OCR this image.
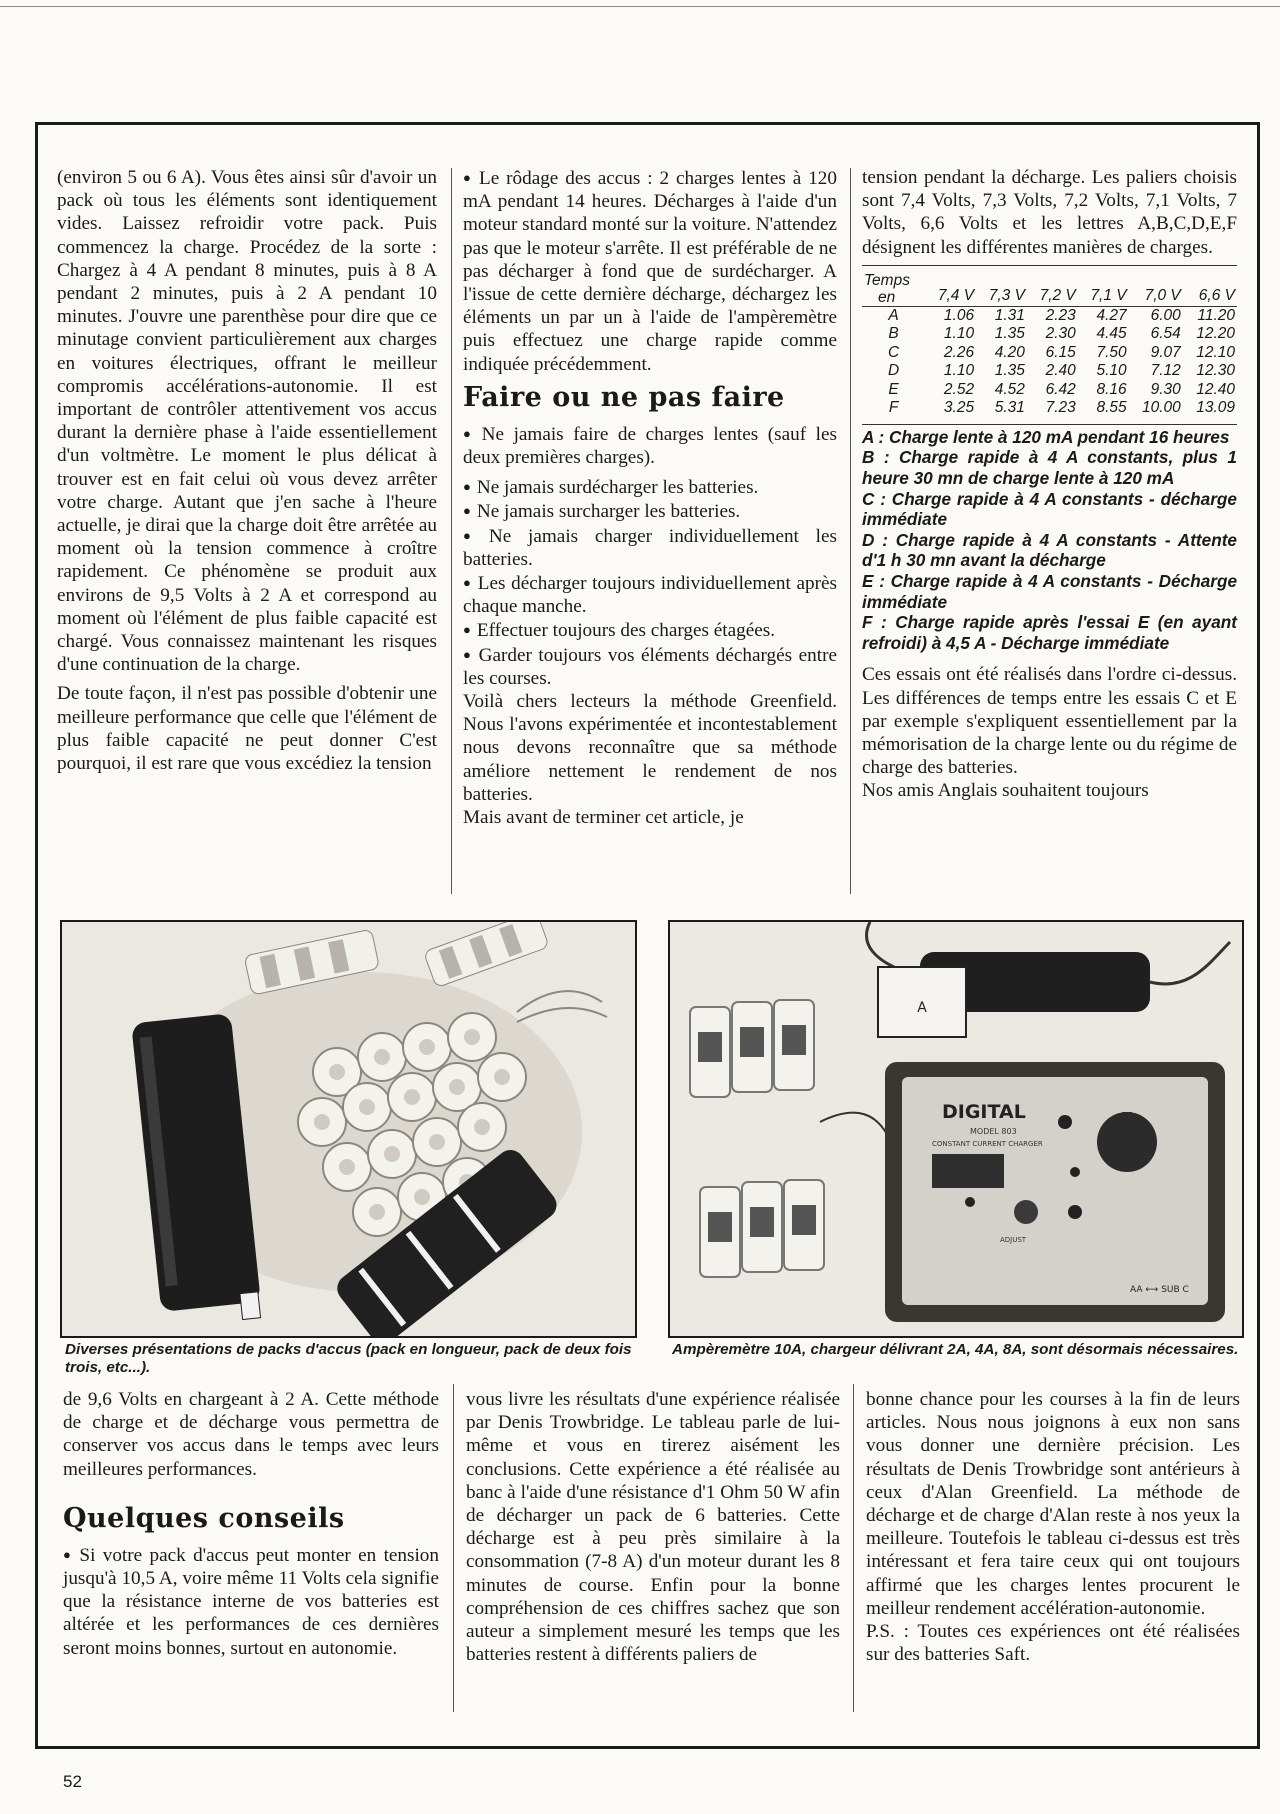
(environ 5 ou 6 A). Vous êtes ainsi sûr d'avoir un pack où tous les éléments sont identiquement vides. Laissez refroidir votre pack. Puis commencez la charge. Procédez de la sorte : Chargez à 4 A pendant 8 minutes, puis à 8 A pendant 2 minutes, puis à 2 A pendant 10 minutes. J'ouvre une parenthèse pour dire que ce minutage convient particulièrement aux charges en voitures électriques, offrant le meilleur compromis accélérations-autonomie. Il est important de contrôler attentivement vos accus durant la dernière phase à l'aide essentiellement d'un voltmètre. Le moment le plus délicat à trouver est en fait celui où vous devez arrêter votre charge. Autant que j'en sache à l'heure actuelle, je dirai que la charge doit être arrêtée au moment où la tension commence à croître rapidement. Ce phénomène se produit aux environs de 9,5 Volts à 2 A et correspond au moment où l'élément de plus faible capacité est chargé. Vous connaissez maintenant les risques d'une continuation de la charge.

De toute façon, il n'est pas possible d'obtenir une meilleure performance que celle que l'élément de plus faible capacité ne peut donner C'est pourquoi, il est rare que vous excédiez la tension

● Le rôdage des accus : 2 charges lentes à 120 mA pendant 14 heures. Décharges à l'aide d'un moteur standard monté sur la voiture. N'attendez pas que le moteur s'arrête. Il est préférable de ne pas décharger à fond que de surdécharger. A l'issue de cette dernière décharge, déchargez les éléments un par un à l'aide de l'ampèremètre puis effectuez une charge rapide comme indiquée précédemment.

Faire ou ne pas faire

● Ne jamais faire de charges lentes (sauf les deux premières charges).

● Ne jamais surdécharger les batteries.

● Ne jamais surcharger les batteries.

● Ne jamais charger individuellement les batteries.

● Les décharger toujours individuellement après chaque manche.

● Effectuer toujours des charges étagées.

● Garder toujours vos éléments déchargés entre les courses.

Voilà chers lecteurs la méthode Greenfield. Nous l'avons expérimentée et incontestablement nous devons reconnaître que sa méthode améliore nettement le rendement de nos batteries.

Mais avant de terminer cet article, je

tension pendant la décharge. Les paliers choisis sont 7,4 Volts, 7,3 Volts, 7,2 Volts, 7,1 Volts, 7 Volts, 6,6 Volts et les lettres A,B,C,D,E,F désignent les différentes manières de charges.

Temps
en	7,4 V	7,3 V	7,2 V	7,1 V	7,0 V	6,6 V
A	1.06	1.31	2.23	4.27	6.00	11.20
B	1.10	1.35	2.30	4.45	6.54	12.20
C	2.26	4.20	6.15	7.50	9.07	12.10
D	1.10	1.35	2.40	5.10	7.12	12.30
E	2.52	4.52	6.42	8.16	9.30	12.40
F	3.25	5.31	7.23	8.55	10.00	13.09

A : Charge lente à 120 mA pendant 16 heures

B : Charge rapide à 4 A constants, plus 1 heure 30 mn de charge lente à 120 mA

C : Charge rapide à 4 A constants - décharge immédiate

D : Charge rapide à 4 A constants - Attente d'1 h 30 mn avant la décharge

E : Charge rapide à 4 A constants - Décharge immédiate

F : Charge rapide après l'essai E (en ayant refroidi) à 4,5 A - Décharge immédiate

Ces essais ont été réalisés dans l'ordre ci-dessus. Les différences de temps entre les essais C et E par exemple s'expliquent essentiellement par la mémorisation de la charge lente ou du régime de charge des batteries.

Nos amis Anglais souhaitent toujours

A
DIGITAL
MODEL 803
CONSTANT CURRENT CHARGER
ADJUST
AA ⟷ SUB C
Diverses présentations de packs d'accus (pack en longueur, pack de deux fois trois, etc...).
Ampèremètre 10A, chargeur délivrant 2A, 4A, 8A, sont désormais nécessaires.

de 9,6 Volts en chargeant à 2 A. Cette méthode de charge et de décharge vous permettra de conserver vos accus dans le temps avec leurs meilleures performances.

Quelques conseils

● Si votre pack d'accus peut monter en tension jusqu'à 10,5 A, voire même 11 Volts cela signifie que la résistance interne de vos batteries est altérée et les performances de ces dernières seront moins bonnes, surtout en autonomie.

vous livre les résultats d'une expérience réalisée par Denis Trowbridge. Le tableau parle de lui-même et vous en tirerez aisément les conclusions. Cette expérience a été réalisée au banc à l'aide d'une résistance d'1 Ohm 50 W afin de décharger un pack de 6 batteries. Cette décharge est à peu près similaire à la consommation (7-8 A) d'un moteur durant les 8 minutes de course. Enfin pour la bonne compréhension de ces chiffres sachez que son auteur a simplement mesuré les temps que les batteries restent à différents paliers de

bonne chance pour les courses à la fin de leurs articles. Nous nous joignons à eux non sans vous donner une dernière précision. Les résultats de Denis Trowbridge sont antérieurs à ceux d'Alan Greenfield. La méthode de décharge et de charge d'Alan reste à nos yeux la meilleure. Toutefois le tableau ci-dessus est très intéressant et fera taire ceux qui ont toujours affirmé que les charges lentes procurent le meilleur rendement accélération-autonomie.

P.S. : Toutes ces expériences ont été réalisées sur des batteries Saft.

52
